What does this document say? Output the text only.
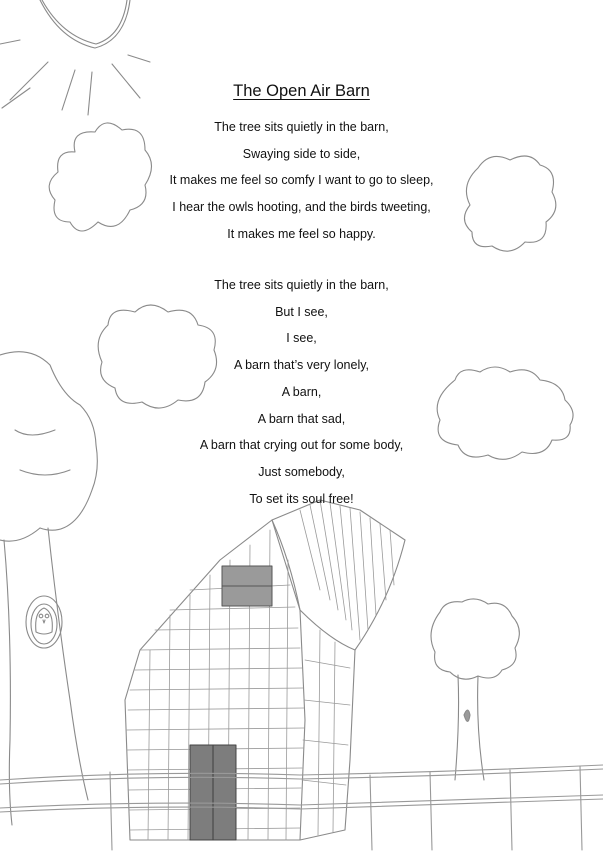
The Open Air Barn
The tree sits quietly in the barn,
Swaying side to side,
It makes me feel so comfy I want to go to sleep,
I hear the owls hooting, and the birds tweeting,
It makes me feel so happy.
The tree sits quietly in the barn,
But I see,
I see,
A barn that’s very lonely,
A barn,
A barn that sad,
A barn that crying out for some body,
Just somebody,
To set its soul free!
